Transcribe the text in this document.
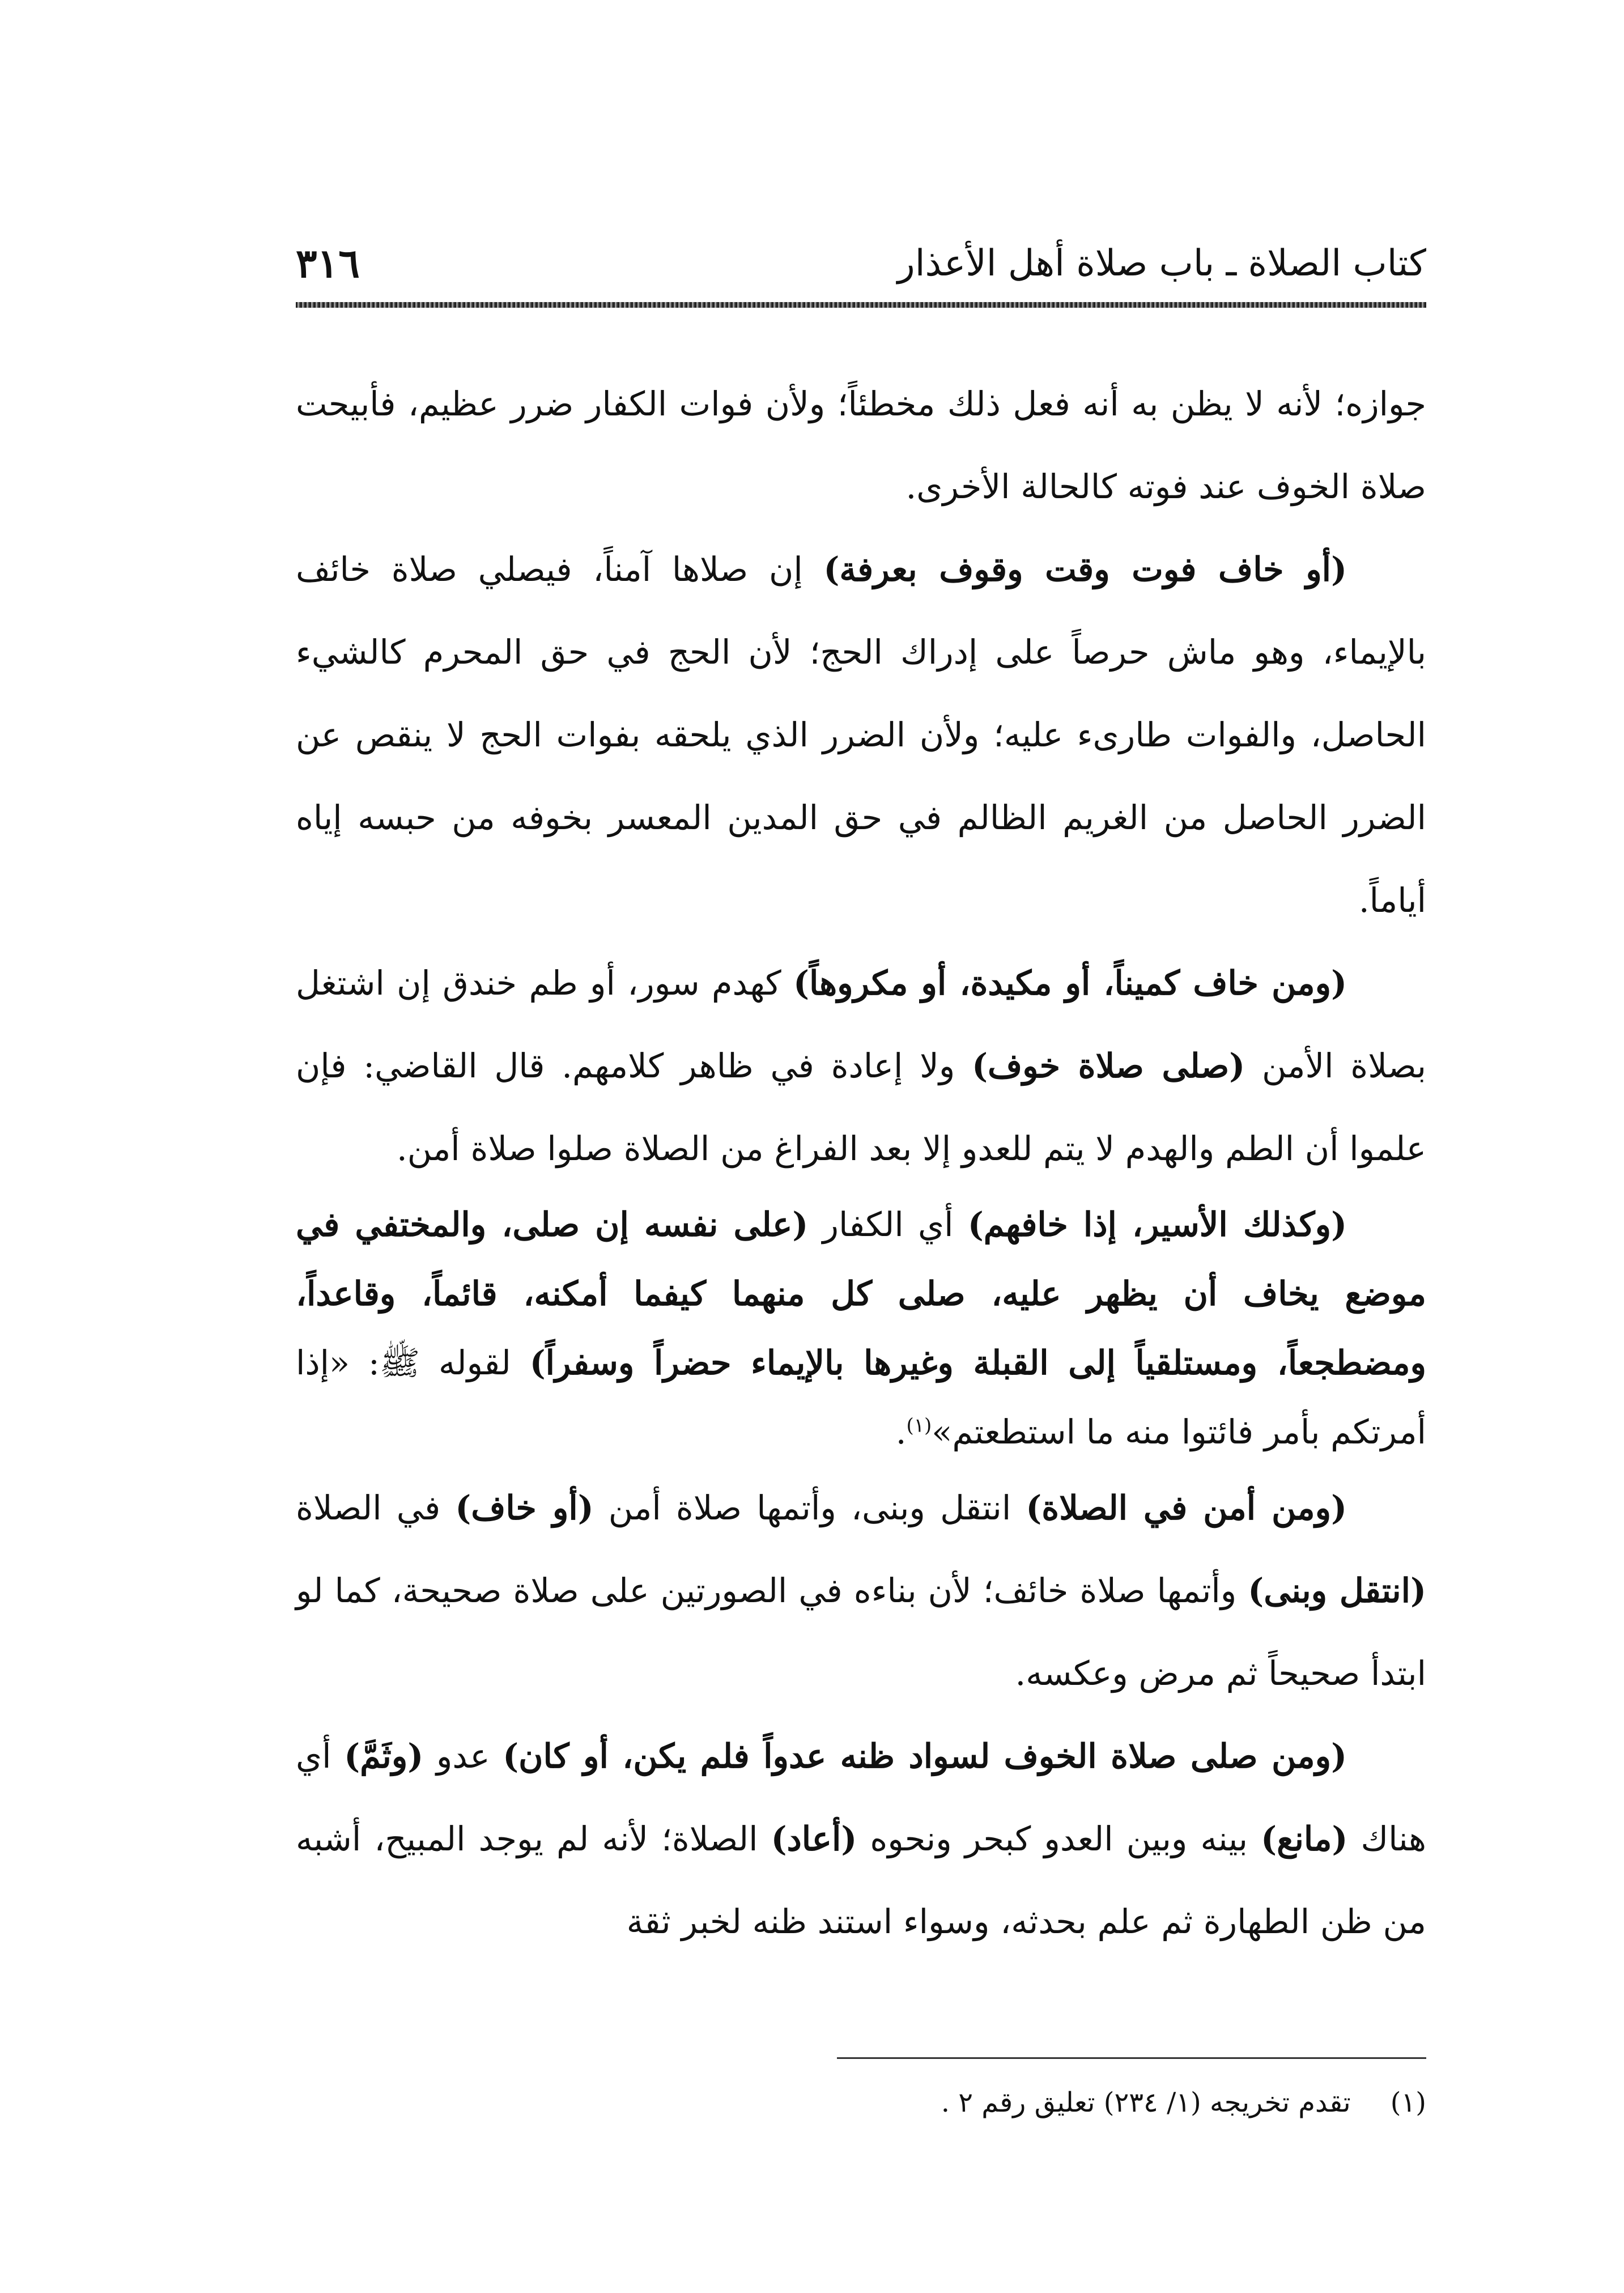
كتاب الصلاة ـ باب صلاة أهل الأعذار
٣١٦

جوازه؛ لأنه لا يظن به أنه فعل ذلك مخطئاً؛ ولأن فوات الكفار ضرر عظيم، فأبيحت صلاة الخوف عند فوته كالحالة الأخرى.

(أو خاف فوت وقت وقوف بعرفة) إن صلاها آمناً، فيصلي صلاة خائف بالإيماء، وهو ماش حرصاً على إدراك الحج؛ لأن الحج في حق المحرم كالشيء الحاصل، والفوات طارىء عليه؛ ولأن الضرر الذي يلحقه بفوات الحج لا ينقص عن الضرر الحاصل من الغريم الظالم في حق المدين المعسر بخوفه من حبسه إياه أياماً.

(ومن خاف كميناً، أو مكيدة، أو مكروهاً) كهدم سور، أو طم خندق إن اشتغل بصلاة الأمن (صلى صلاة خوف) ولا إعادة في ظاهر كلامهم. قال القاضي: فإن علموا أن الطم والهدم لا يتم للعدو إلا بعد الفراغ من الصلاة صلوا صلاة أمن.

(وكذلك الأسير، إذا خافهم) أي الكفار (على نفسه إن صلى، والمختفي في موضع يخاف أن يظهر عليه، صلى كل منهما كيفما أمكنه، قائماً، وقاعداً، ومضطجعاً، ومستلقياً إلى القبلة وغيرها بالإيماء حضراً وسفراً) لقوله ﷺ: «إذا أمرتكم بأمر فائتوا منه ما استطعتم»$^{(١)}$.

(ومن أمن في الصلاة) انتقل وبنى، وأتمها صلاة أمن (أو خاف) في الصلاة (انتقل وبنى) وأتمها صلاة خائف؛ لأن بناءه في الصورتين على صلاة صحيحة، كما لو ابتدأ صحيحاً ثم مرض وعكسه.

(ومن صلى صلاة الخوف لسواد ظنه عدواً فلم يكن، أو كان) عدو (وثَمَّ) أي هناك (مانع) بينه وبين العدو كبحر ونحوه (أعاد) الصلاة؛ لأنه لم يوجد المبيح، أشبه من ظن الطهارة ثم علم بحدثه، وسواء استند ظنه لخبر ثقة

(١)تقدم تخريجه (١/ ٢٣٤) تعليق رقم ٢ .
